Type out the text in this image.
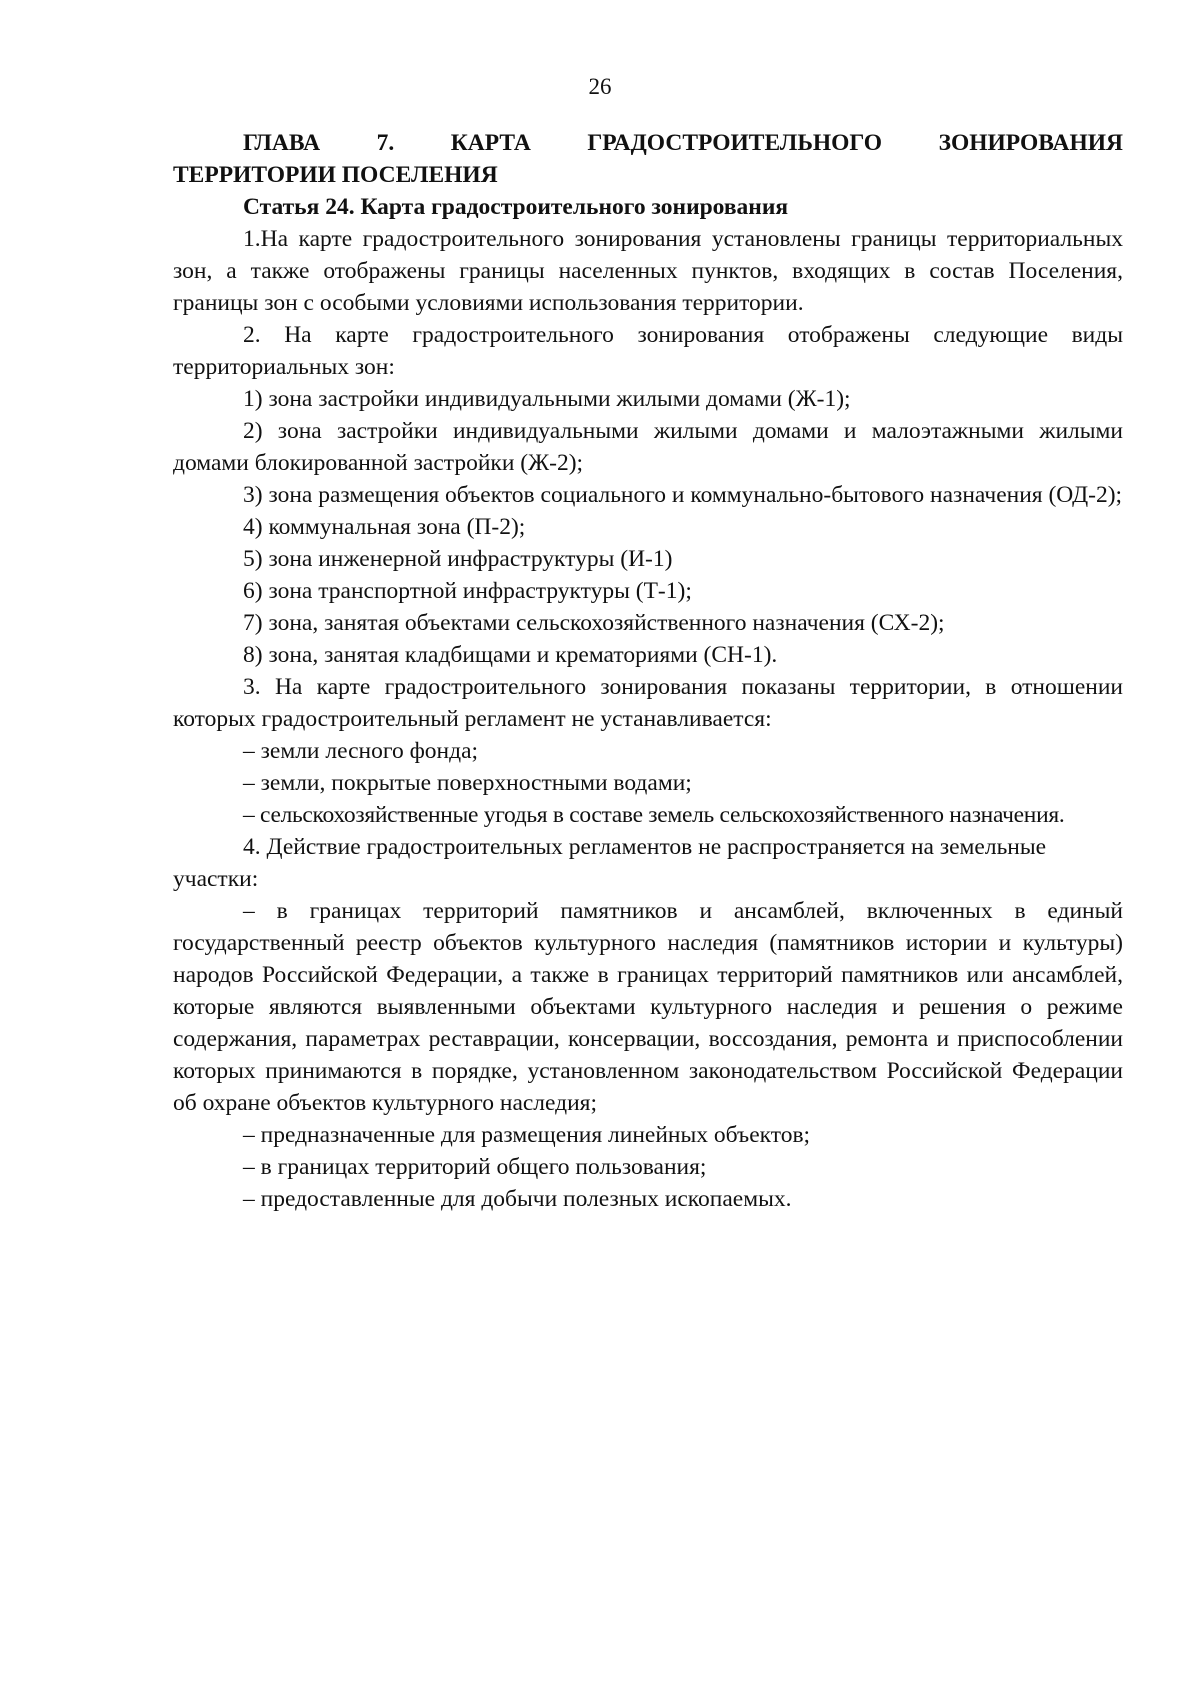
26

ГЛАВА 7. КАРТА ГРАДОСТРОИТЕЛЬНОГО ЗОНИРОВАНИЯ ТЕРРИТОРИИ ПОСЕЛЕНИЯ

Статья 24. Карта градостроительного зонирования

1.На карте градостроительного зонирования установлены границы территориальных зон, а также отображены границы населенных пунктов, входящих в состав Поселения, границы зон с особыми условиями использования территории.

2. На карте градостроительного зонирования отображены следующие виды территориальных зон:

1) зона застройки индивидуальными жилыми домами (Ж-1);

2) зона застройки индивидуальными жилыми домами и малоэтажными жилыми домами блокированной застройки (Ж-2);

3) зона размещения объектов социального и коммунально-бытового назначения (ОД-2);

4) коммунальная зона (П-2);

5) зона инженерной инфраструктуры (И-1)

6) зона транспортной инфраструктуры (Т-1);

7) зона, занятая объектами сельскохозяйственного назначения (СХ-2);

8) зона, занятая кладбищами и крематориями (СН-1).

3. На карте градостроительного зонирования показаны территории, в отношении которых градостроительный регламент не устанавливается:

– земли лесного фонда;

– земли, покрытые поверхностными водами;

– сельскохозяйственные угодья в составе земель сельскохозяйственного назначения.

4. Действие градостроительных регламентов не распространяется на земельные участки:

– в границах территорий памятников и ансамблей, включенных в единый государственный реестр объектов культурного наследия (памятников истории и культуры) народов Российской Федерации, а также в границах территорий памятников или ансамблей, которые являются выявленными объектами культурного наследия и решения о режиме содержания, параметрах реставрации, консервации, воссоздания, ремонта и приспособлении которых принимаются в порядке, установленном законодательством Российской Федерации об охране объектов культурного наследия;

– предназначенные для размещения линейных объектов;

– в границах территорий общего пользования;

– предоставленные для добычи полезных ископаемых.
